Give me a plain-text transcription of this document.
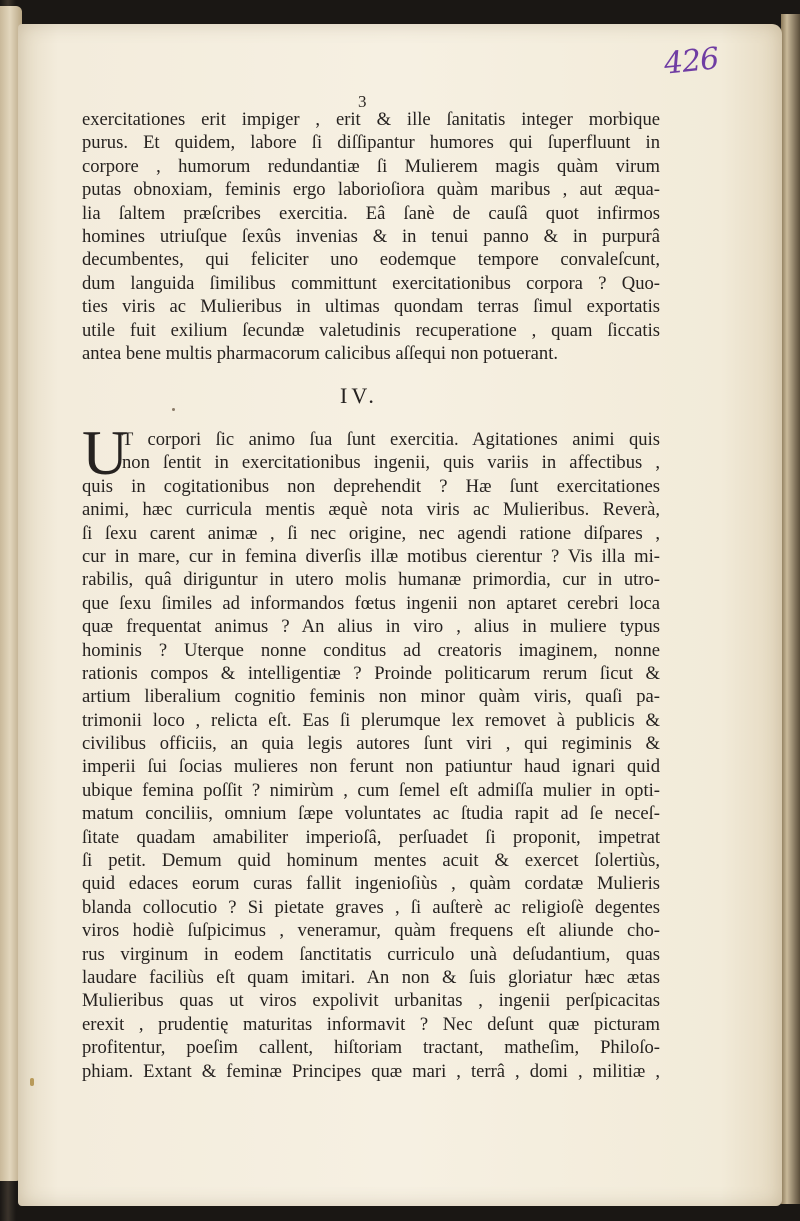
426
3
exercitationes erit impiger , erit & ille ſanitatis integer morbique
purus. Et quidem, labore ſi diſſipantur humores qui ſuperfluunt in
corpore , humorum redundantiæ ſi Mulierem magis quàm virum
putas obnoxiam, feminis ergo laborioſiora quàm maribus , aut æqua-
lia ſaltem præſcribes exercitia. Eâ ſanè de cauſâ quot infirmos
homines utriuſque ſexûs invenias & in tenui panno & in purpurâ
decumbentes, qui feliciter uno eodemque tempore convaleſcunt,
dum languida ſimilibus committunt exercitationibus corpora ? Quo-
ties viris ac Mulieribus in ultimas quondam terras ſimul exportatis
utile fuit exilium ſecundæ valetudinis recuperatione , quam ſiccatis
antea bene multis pharmacorum calicibus aſſequi non potuerant.
IV.
U
T corpori ſic animo ſua ſunt exercitia. Agitationes animi quis
non ſentit in exercitationibus ingenii, quis variis in affectibus ,
quis in cogitationibus non deprehendit ? Hæ ſunt exercitationes
animi, hæc curricula mentis æquè nota viris ac Mulieribus. Reverà,
ſi ſexu carent animæ , ſi nec origine, nec agendi ratione diſpares ,
cur in mare, cur in femina diverſis illæ motibus cierentur ? Vis illa mi-
rabilis, quâ diriguntur in utero molis humanæ primordia, cur in utro-
que ſexu ſimiles ad informandos fœtus ingenii non aptaret cerebri loca
quæ frequentat animus ? An alius in viro , alius in muliere typus
hominis ? Uterque nonne conditus ad creatoris imaginem, nonne
rationis compos & intelligentiæ ? Proinde politicarum rerum ſicut &
artium liberalium cognitio feminis non minor quàm viris, quaſi pa-
trimonii loco , relicta eſt. Eas ſi plerumque lex removet à publicis &
civilibus officiis, an quia legis autores ſunt viri , qui regiminis &
imperii ſui ſocias mulieres non ferunt non patiuntur haud ignari quid
ubique femina poſſit ? nimirùm , cum ſemel eſt admiſſa mulier in opti-
matum conciliis, omnium ſæpe voluntates ac ſtudia rapit ad ſe neceſ-
ſitate quadam amabiliter imperioſâ, perſuadet ſi proponit, impetrat
ſi petit. Demum quid hominum mentes acuit & exercet ſolertiùs,
quid edaces eorum curas fallit ingenioſiùs , quàm cordatæ Mulieris
blanda collocutio ? Si pietate graves , ſi auſterè ac religioſè degentes
viros hodiè ſuſpicimus , veneramur, quàm frequens eſt aliunde cho-
rus virginum in eodem ſanctitatis curriculo unà deſudantium, quas
laudare faciliùs eſt quam imitari. An non & ſuis gloriatur hæc ætas
Mulieribus quas ut viros expolivit urbanitas , ingenii perſpicacitas
erexit , prudentię maturitas informavit ? Nec deſunt quæ picturam
profitentur, poeſim callent, hiſtoriam tractant, matheſim, Philoſo-
phiam. Extant & feminæ Principes quæ mari , terrâ , domi , militiæ ,
